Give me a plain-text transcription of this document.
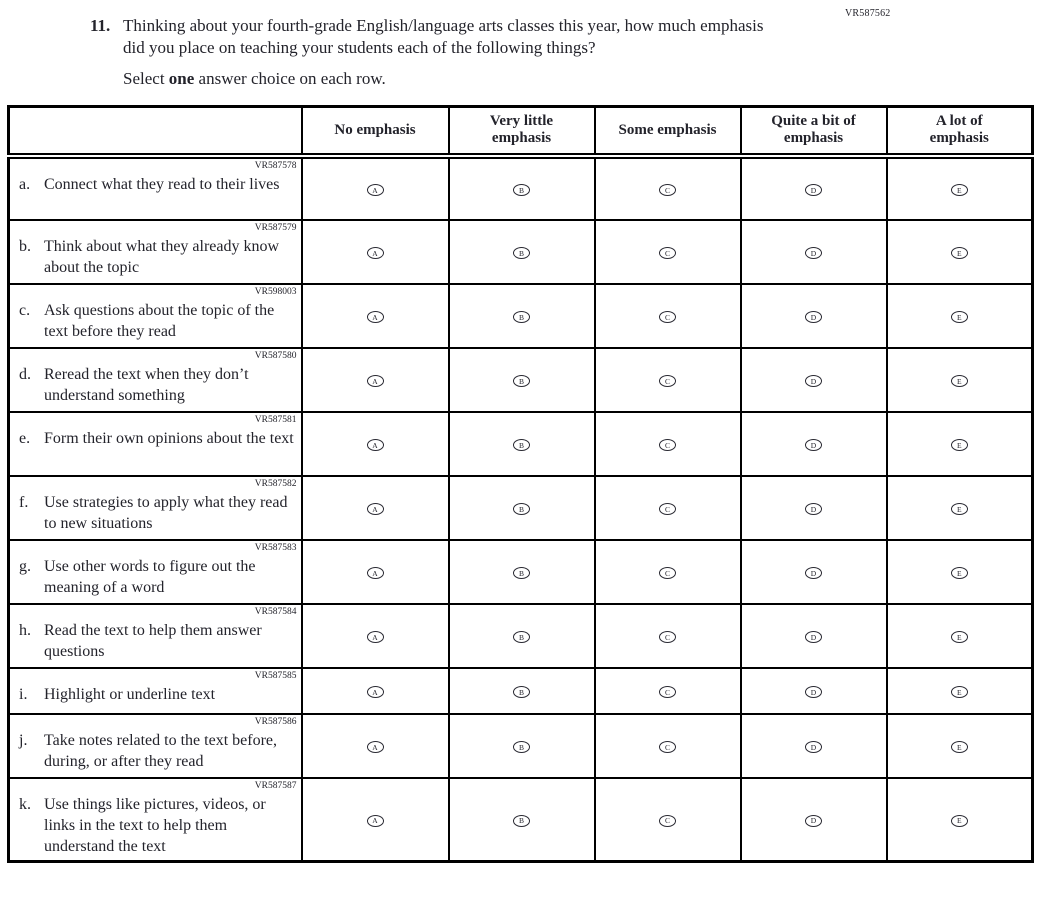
VR587562
11. Thinking about your fourth-grade English/language arts classes this year, how much emphasis did you place on teaching your students each of the following things?
Select one answer choice on each row.
	No emphasis	Very little emphasis	Some emphasis	Quite a bit of emphasis	A lot of emphasis

VR587578
a. Connect what they read to their lives	A	B	C	D	E

VR587579
b. Think about what they already know about the topic	A	B	C	D	E

VR598003
c. Ask questions about the topic of the text before they read	A	B	C	D	E

VR587580
d. Reread the text when they don’t understand something	A	B	C	D	E

VR587581
e. Form their own opinions about the text	A	B	C	D	E

VR587582
f. Use strategies to apply what they read to new situations	A	B	C	D	E

VR587583
g. Use other words to figure out the meaning of a word	A	B	C	D	E

VR587584
h. Read the text to help them answer questions	A	B	C	D	E

VR587585
i. Highlight or underline text	A	B	C	D	E

VR587586
j. Take notes related to the text before, during, or after they read	A	B	C	D	E

VR587587
k. Use things like pictures, videos, or links in the text to help them understand the text	A	B	C	D	E
